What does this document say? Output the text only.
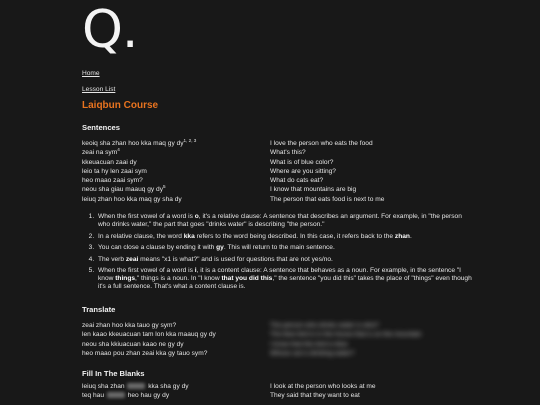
Q.
Home
Lesson List
Laiqbun Course
Sentences
keoiq sha zhan hoo kka maq gy dy$^{1, 2, 3}$	I love the person who eats the food
zeai na sym$^4$	What's this?
kkeuacuan zaai dy	What is of blue color?
leio ta hy len zaai sym	Where are you sitting?
heo maao zaai sym?	What do cats eat?
neou sha giau maauq gy $dy^5$	I know that mountains are big
leiuq zhan hoo kka maq gy sha dy	The person that eats food is next to me
1. When the first vowel of a word is o, it's a relative clause: A sentence that describes an argument. For example, in "the person who drinks water," the part that goes "drinks water" is describing "the person."
2. In a relative clause, the word kka refers to the word being described. In this case, it refers back to the zhan.
3. You can close a clause by ending it with gy. This will return to the main sentence.
4. The verb zeai means "x1 is what?" and is used for questions that are not yes/no.
5. When the first vowel of a word is i, it is a content clause: A sentence that behaves as a noun. For example, in the sentence "I know things," things is a noun. In "I know that you did this," the sentence "you did this" takes the place of "things" even though it's a full sentence. That's what a content clause is.
Translate
zeai zhan hoo kka tauo gy sym?	The person who drinks water is who?
len kaao kkeuacuan tam lon kka maauq gy dy	The blue bird is in the house that is on the mountain
neou sha kkiuacuan kaao ne gy dy	I know that this bird is blue
heo maao pou zhan zeai kka gy tauo sym?	Whose cat is drinking water?
Fill In The Blanks
leiuq sha zhan	kka sha gy dy	I look at the person who looks at me
teq hau	heo hau gy dy	They said that they want to eat
